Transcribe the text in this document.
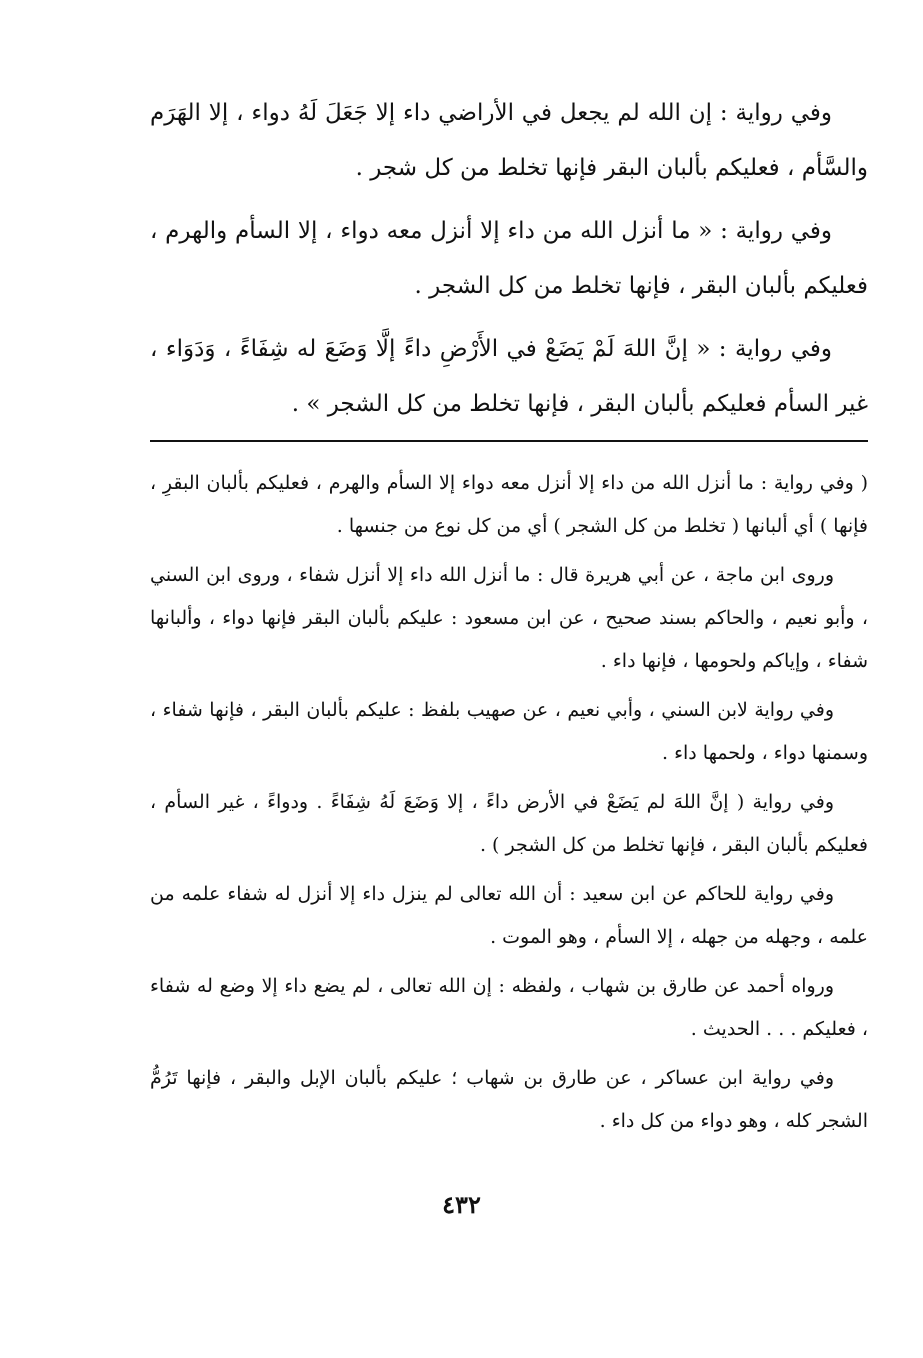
وفي رواية : إن الله لم يجعل في الأراضي داء إلا جَعَلَ لَهُ دواء ، إلا الهَرَم والسَّأم ، فعليكم بألبان البقر فإنها تخلط من كل شجر .

وفي رواية : « ما أنزل الله من داء إلا أنزل معه دواء ، إلا السأم والهرم ، فعليكم بألبان البقر ، فإنها تخلط من كل الشجر .

وفي رواية : « إنَّ اللهَ لَمْ يَضَعْ في الأَرْضِ داءً إلَّا وَضَعَ له شِفَاءً ، وَدَوَاء ، غير السأم فعليكم بألبان البقر ، فإنها تخلط من كل الشجر » .

( وفي رواية : ما أنزل الله من داء إلا أنزل معه دواء إلا السأم والهرم ، فعليكم بألبان البقرِ ، فإنها ) أي ألبانها ( تخلط من كل الشجر ) أي من كل نوع من جنسها .

وروى ابن ماجة ، عن أبي هريرة قال : ما أنزل الله داء إلا أنزل شفاء ، وروى ابن السني ، وأبو نعيم ، والحاكم بسند صحيح ، عن ابن مسعود : عليكم بألبان البقر فإنها دواء ، وألبانها شفاء ، وإياكم ولحومها ، فإنها داء .

وفي رواية لابن السني ، وأبي نعيم ، عن صهيب بلفظ : عليكم بألبان البقر ، فإنها شفاء ، وسمنها دواء ، ولحمها داء .

وفي رواية ( إنَّ اللهَ لم يَضَعْ في الأرض داءً ، إلا وَضَعَ لَهُ شِفَاءً . ودواءً ، غير السأم ، فعليكم بألبان البقر ، فإنها تخلط من كل الشجر ) .

وفي رواية للحاكم عن ابن سعيد : أن الله تعالى لم ينزل داء إلا أنزل له شفاء علمه من علمه ، وجهله من جهله ، إلا السأم ، وهو الموت .

ورواه أحمد عن طارق بن شهاب ، ولفظه : إن الله تعالى ، لم يضع داء إلا وضع له شفاء ، فعليكم . . . الحديث .

وفي رواية ابن عساكر ، عن طارق بن شهاب ؛ عليكم بألبان الإبل والبقر ، فإنها تَرُمُّ الشجر كله ، وهو دواء من كل داء .

٤٣٢
